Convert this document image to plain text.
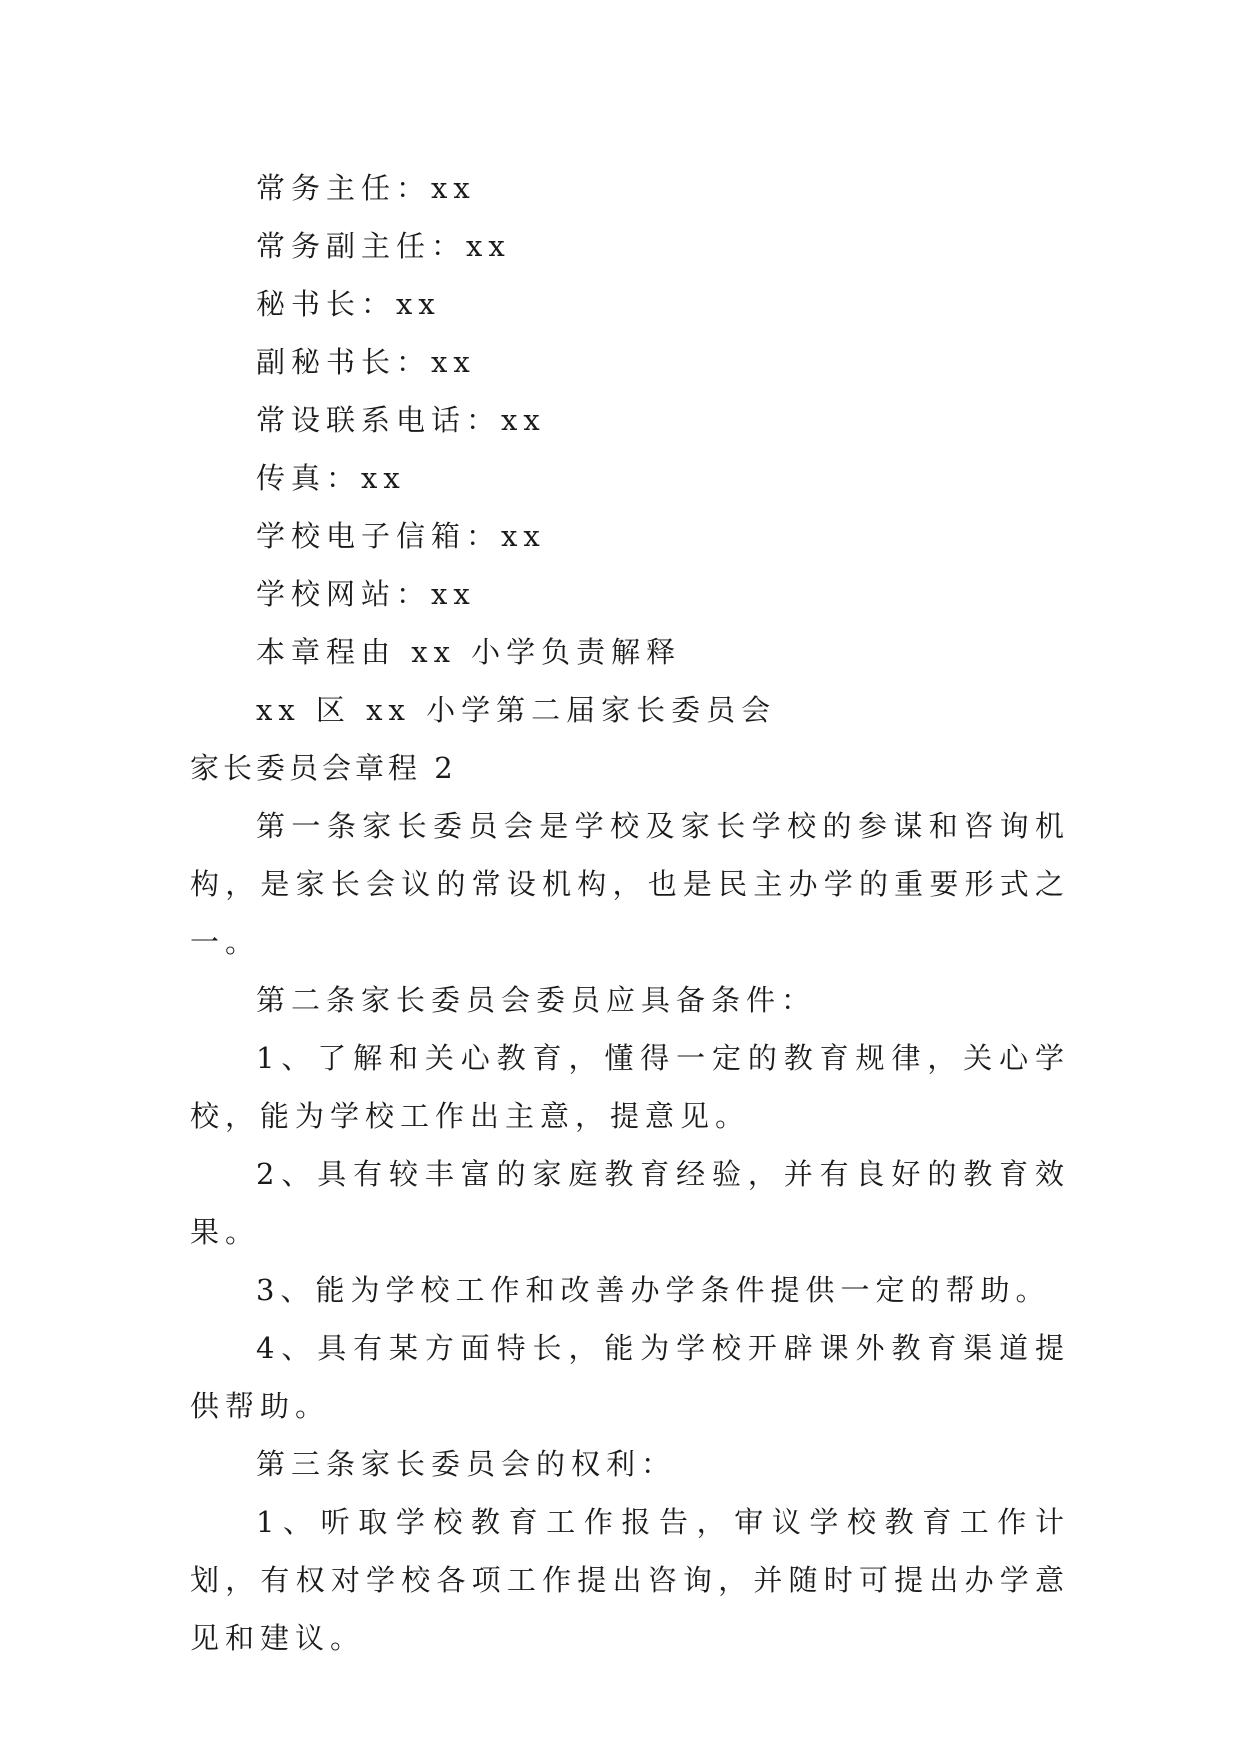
常务主任：xx
常务副主任：xx
秘书长：xx
副秘书长：xx
常设联系电话：xx
传真：xx
学校电子信箱：xx
学校网站：xx
本章程由 xx 小学负责解释
xx 区 xx 小学第二届家长委员会
家长委员会章程 2
第一条家长委员会是学校及家长学校的参谋和咨询机构，是家长会议的常设机构，也是民主办学的重要形式之一。
第二条家长委员会委员应具备条件：
1、了解和关心教育，懂得一定的教育规律，关心学校，能为学校工作出主意，提意见。
2、具有较丰富的家庭教育经验，并有良好的教育效果。
3、能为学校工作和改善办学条件提供一定的帮助。
4、具有某方面特长，能为学校开辟课外教育渠道提供帮助。
第三条家长委员会的权利：
1、听取学校教育工作报告，审议学校教育工作计划，有权对学校各项工作提出咨询，并随时可提出办学意见和建议。
